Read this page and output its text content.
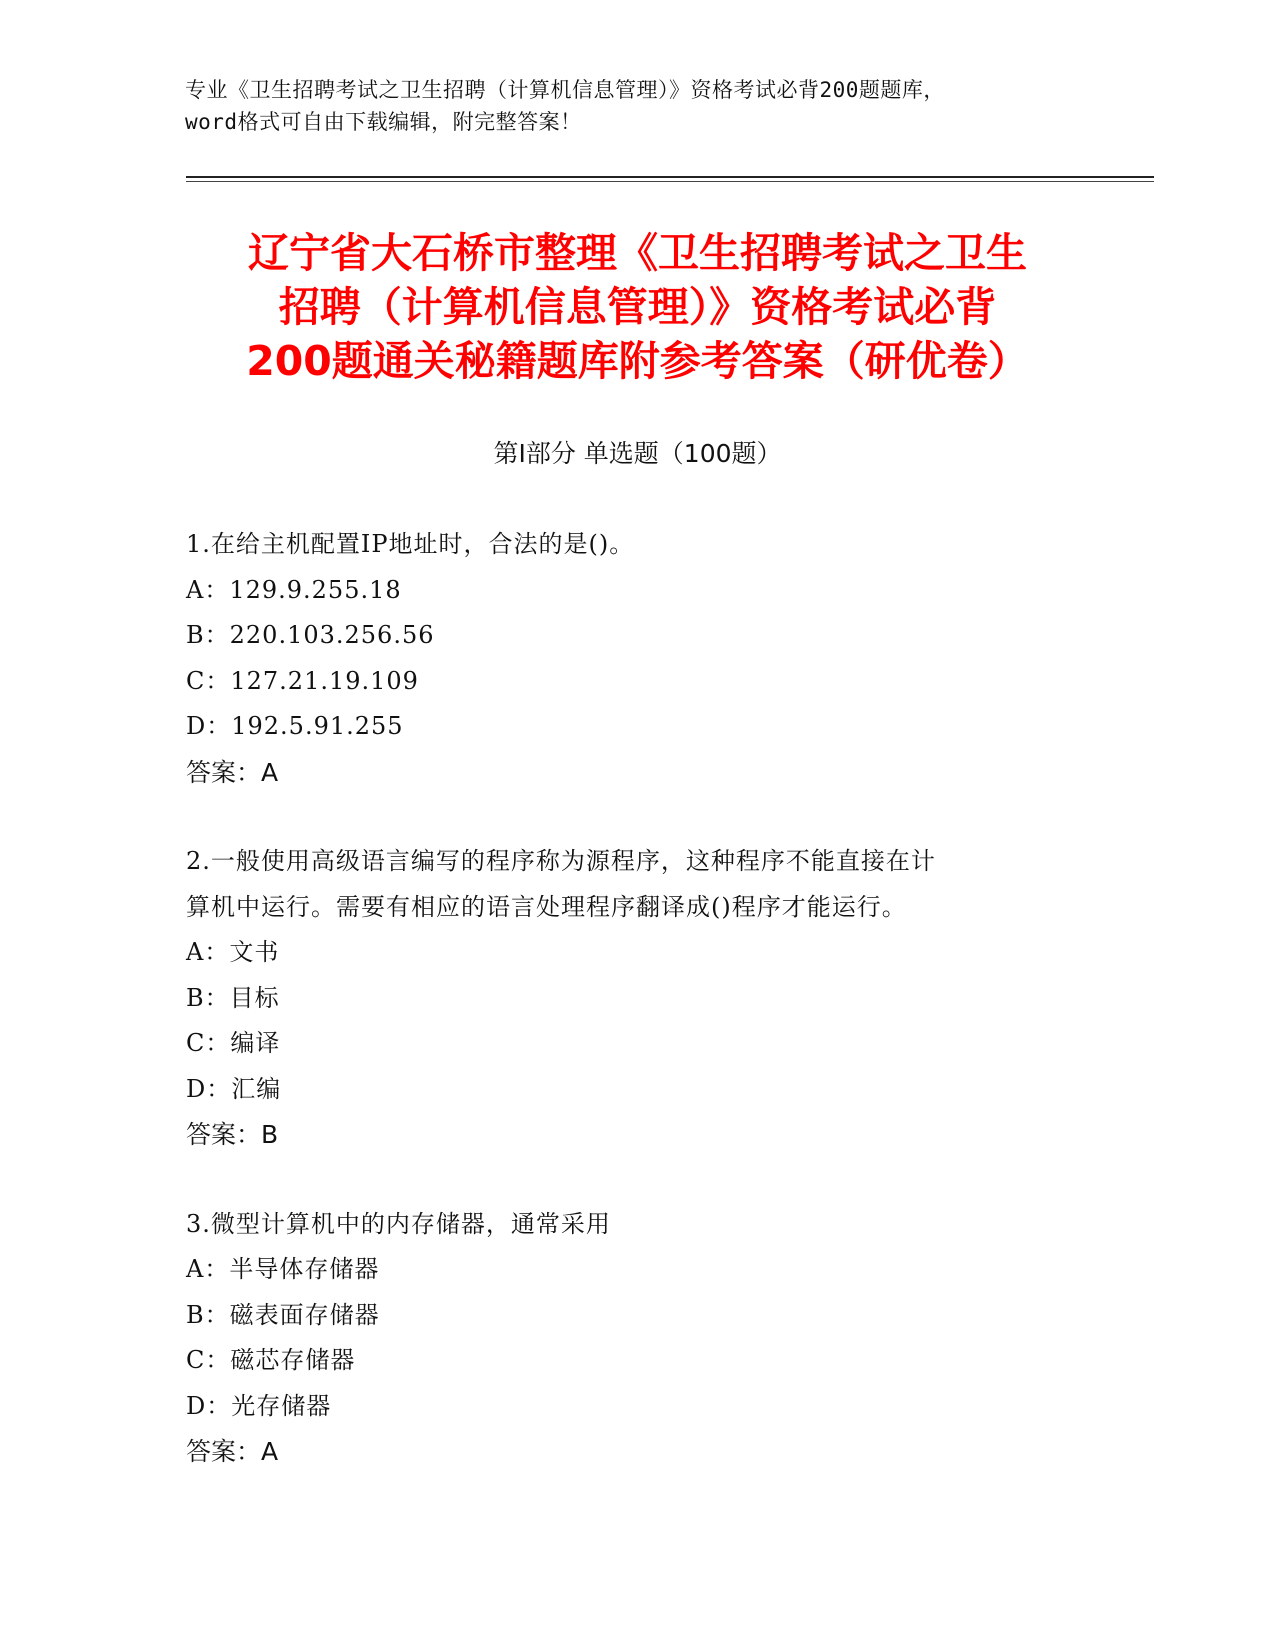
专业《卫生招聘考试之卫生招聘（计算机信息管理）》资格考试必背200题题库，
word格式可自由下载编辑，附完整答案！
辽宁省大石桥市整理《卫生招聘考试之卫生
招聘（计算机信息管理）》资格考试必背
200题通关秘籍题库附参考答案（研优卷）
第Ⅰ部分 单选题（100题）
1.在给主机配置IP地址时，合法的是()。
A：129.9.255.18
B：220.103.256.56
C：127.21.19.109
D：192.5.91.255
答案：A
2.一般使用高级语言编写的程序称为源程序，这种程序不能直接在计
算机中运行。需要有相应的语言处理程序翻译成()程序才能运行。
A：文书
B：目标
C：编译
D：汇编
答案：B
3.微型计算机中的内存储器，通常采用
A：半导体存储器
B：磁表面存储器
C：磁芯存储器
D：光存储器
答案：A
